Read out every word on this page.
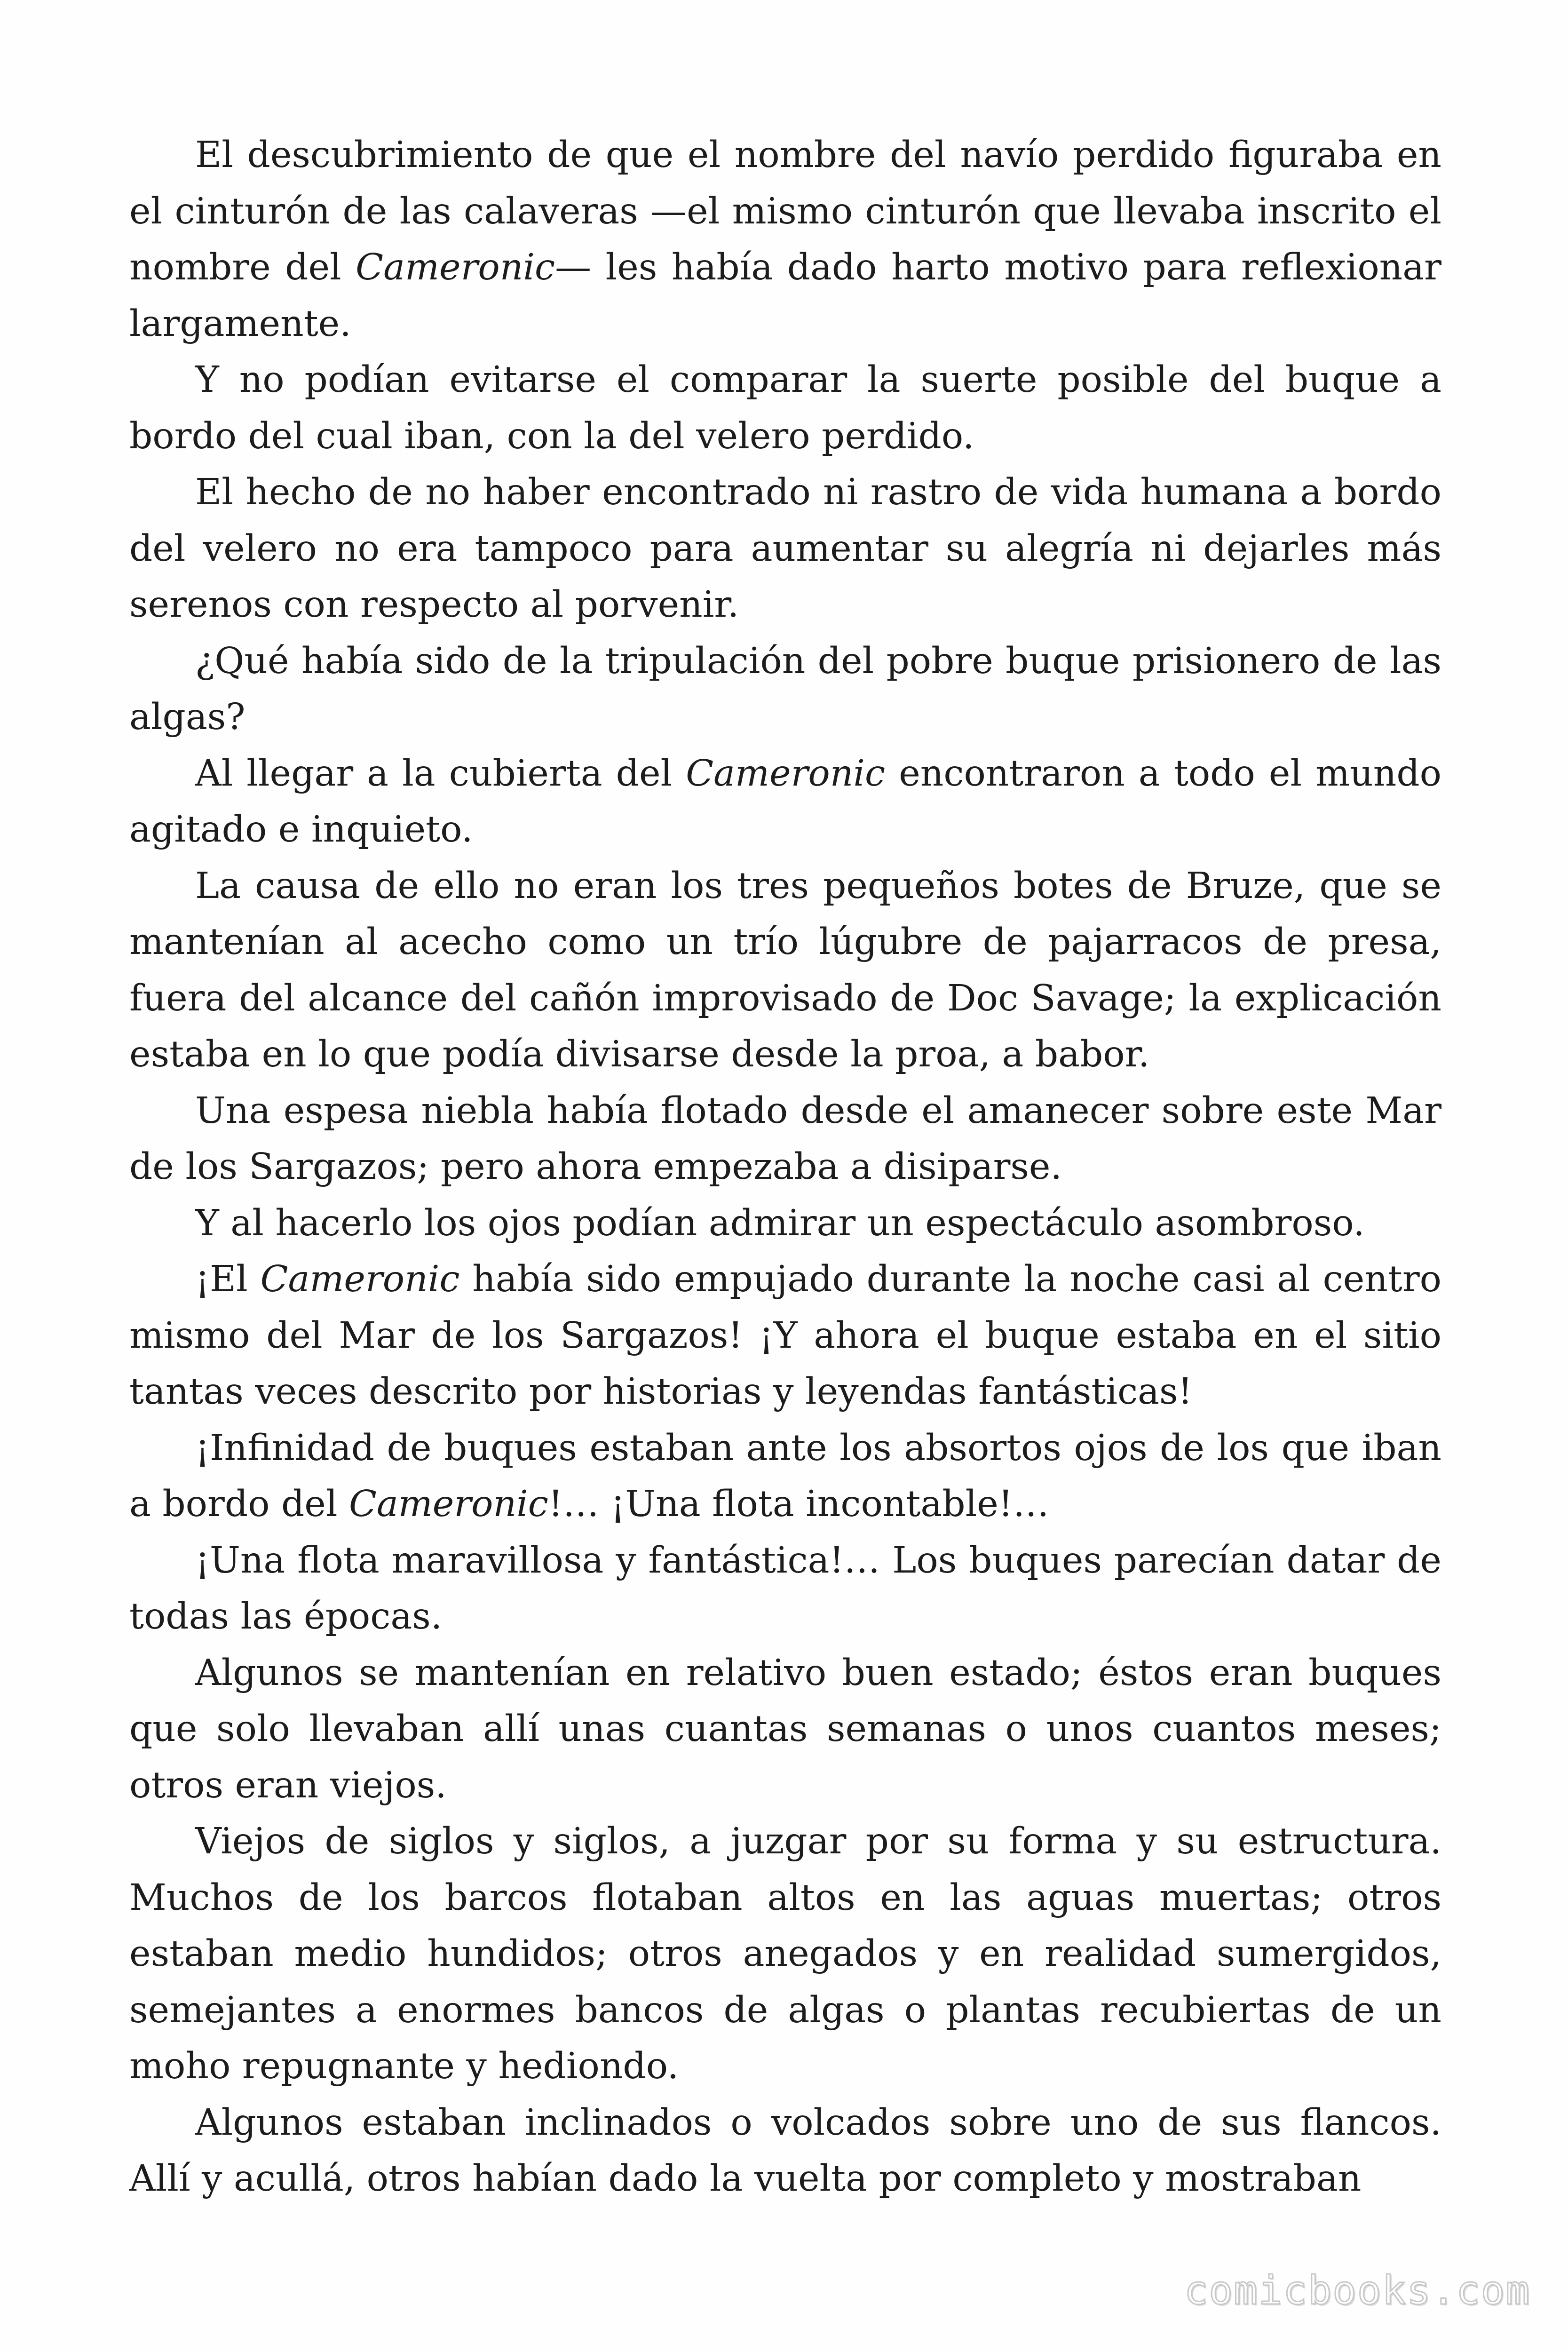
El descubrimiento de que el nombre del navío perdido figuraba en el cinturón de las calaveras —el mismo cinturón que llevaba inscrito el nombre del Cameronic— les había dado harto motivo para reflexionar largamente.

Y no podían evitarse el comparar la suerte posible del buque a bordo del cual iban, con la del velero perdido.

El hecho de no haber encontrado ni rastro de vida humana a bordo del velero no era tampoco para aumentar su alegría ni dejarles más serenos con respecto al porvenir.

¿Qué había sido de la tripulación del pobre buque prisionero de las algas?

Al llegar a la cubierta del Cameronic encontraron a todo el mundo agitado e inquieto.

La causa de ello no eran los tres pequeños botes de Bruze, que se mantenían al acecho como un trío lúgubre de pajarracos de presa, fuera del alcance del cañón improvisado de Doc Savage; la explicación estaba en lo que podía divisarse desde la proa, a babor.

Una espesa niebla había flotado desde el amanecer sobre este Mar de los Sargazos; pero ahora empezaba a disiparse.

Y al hacerlo los ojos podían admirar un espectáculo asombroso.

¡El Cameronic había sido empujado durante la noche casi al centro mismo del Mar de los Sargazos! ¡Y ahora el buque estaba en el sitio tantas veces descrito por historias y leyendas fantásticas!

¡Infinidad de buques estaban ante los absortos ojos de los que iban a bordo del Cameronic!… ¡Una flota incontable!…

¡Una flota maravillosa y fantástica!… Los buques parecían datar de todas las épocas.

Algunos se mantenían en relativo buen estado; éstos eran buques que solo llevaban allí unas cuantas semanas o unos cuantos meses; otros eran viejos.

Viejos de siglos y siglos, a juzgar por su forma y su estructura. Muchos de los barcos flotaban altos en las aguas muertas; otros estaban medio hundidos; otros anegados y en realidad sumergidos, semejantes a enormes bancos de algas o plantas recubiertas de un moho repugnante y hediondo.

Algunos estaban inclinados o volcados sobre uno de sus flancos. Allí y acullá, otros habían dado la vuelta por completo y mostraban

comicbooks.com
